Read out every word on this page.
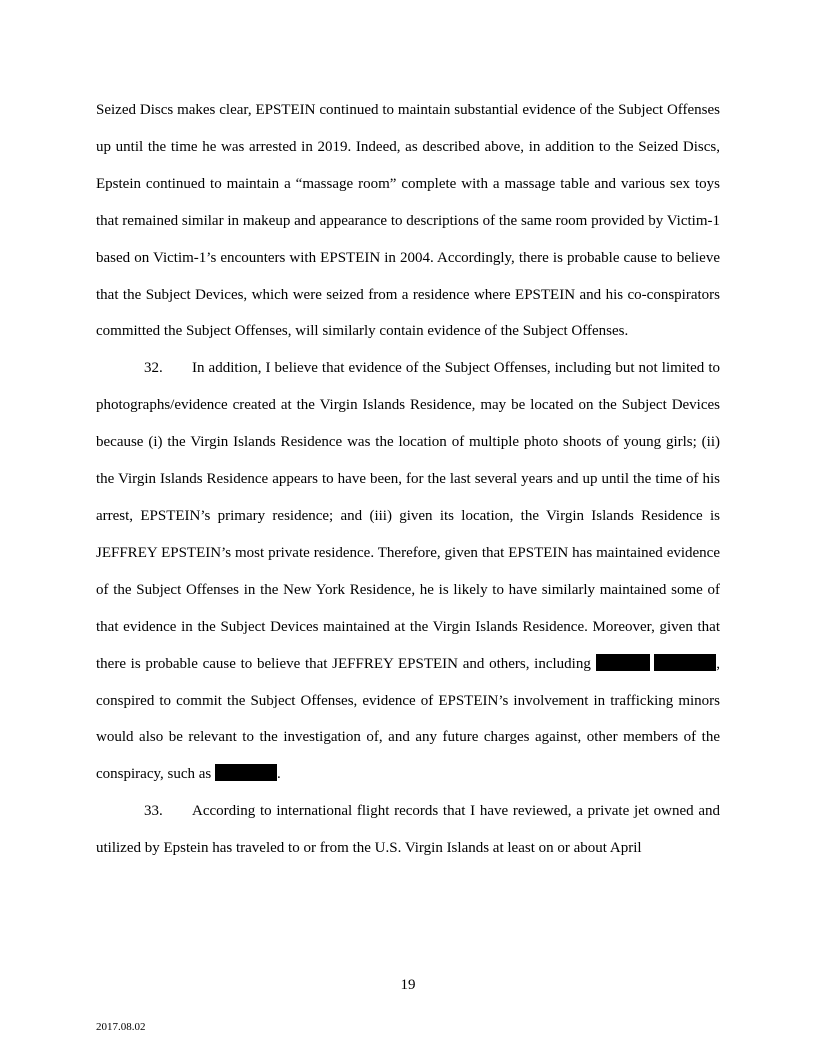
Seized Discs makes clear, EPSTEIN continued to maintain substantial evidence of the Subject Offenses up until the time he was arrested in 2019. Indeed, as described above, in addition to the Seized Discs, Epstein continued to maintain a “massage room” complete with a massage table and various sex toys that remained similar in makeup and appearance to descriptions of the same room provided by Victim-1 based on Victim-1’s encounters with EPSTEIN in 2004. Accordingly, there is probable cause to believe that the Subject Devices, which were seized from a residence where EPSTEIN and his co-conspirators committed the Subject Offenses, will similarly contain evidence of the Subject Offenses.

32. In addition, I believe that evidence of the Subject Offenses, including but not limited to photographs/evidence created at the Virgin Islands Residence, may be located on the Subject Devices because (i) the Virgin Islands Residence was the location of multiple photo shoots of young girls; (ii) the Virgin Islands Residence appears to have been, for the last several years and up until the time of his arrest, EPSTEIN’s primary residence; and (iii) given its location, the Virgin Islands Residence is JEFFREY EPSTEIN’s most private residence. Therefore, given that EPSTEIN has maintained evidence of the Subject Offenses in the New York Residence, he is likely to have similarly maintained some of that evidence in the Subject Devices maintained at the Virgin Islands Residence. Moreover, given that there is probable cause to believe that JEFFREY EPSTEIN and others, including	, conspired to commit the Subject Offenses, evidence of EPSTEIN’s involvement in trafficking minors would also be relevant to the investigation of, and any future charges against, other members of the conspiracy, such as	.

33. According to international flight records that I have reviewed, a private jet owned and utilized by Epstein has traveled to or from the U.S. Virgin Islands at least on or about April

19
2017.08.02
